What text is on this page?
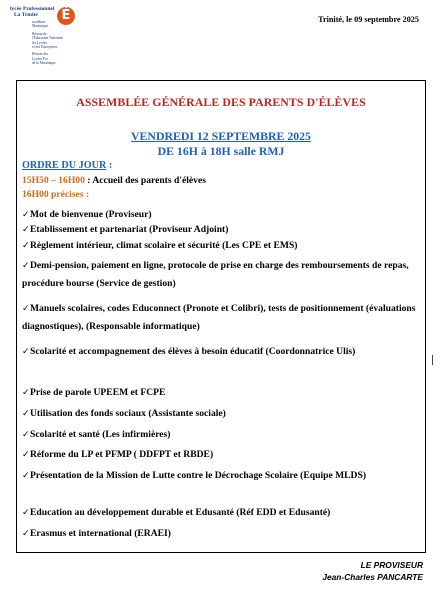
lycée Professionnel
La Trinité	É
académie
Martinique
Réseau de
l'Éducation Nationale
les Lycées
et des Entreprises
Réseau des
Lycées Pro
de la Martinique
Trinité, le 09 septembre 2025
ASSEMBLÉE GÉNÉRALE DES PARENTS D'ÉLÈVES
VENDREDI 12 SEPTEMBRE 2025
DE 16H à 18H salle RMJ
ORDRE DU JOUR :
15H50 – 16H00 : Accueil des parents d'élèves
16H00 précises :
✓Mot de bienvenue (Proviseur)
✓Etablissement et partenariat (Proviseur Adjoint)
✓Règlement intérieur, climat scolaire et sécurité (Les CPE et EMS)
✓Demi-pension, paiement en ligne, protocole de prise en charge des remboursements de repas, procédure bourse (Service de gestion)
✓Manuels scolaires, codes Educonnect (Pronote et Colibri), tests de positionnement (évaluations diagnostiques), (Responsable informatique)
✓Scolarité et accompagnement des élèves à besoin éducatif (Coordonnatrice Ulis)
✓Prise de parole UPEEM et FCPE
✓Utilisation des fonds sociaux (Assistante sociale)
✓Scolarité et santé (Les infirmières)
✓Réforme du LP et PFMP ( DDFPT et RBDE)
✓Présentation de la Mission de Lutte contre le Décrochage Scolaire (Equipe MLDS)
✓Education au développement durable et Edusanté (Réf EDD et Edusanté)
✓Erasmus et international (ERAEI)
LE PROVISEUR
Jean-Charles PANCARTE
